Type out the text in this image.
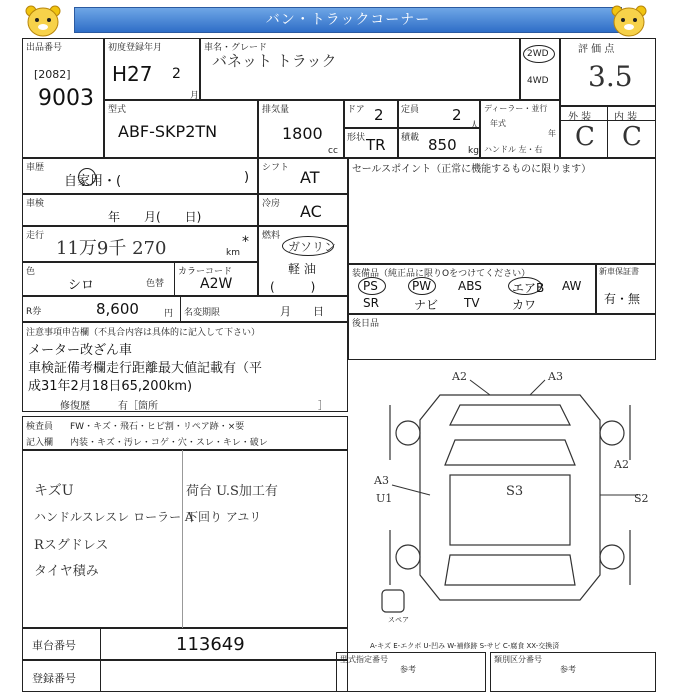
バン・トラックコーナー
出品番号
[2082]
9003
初度登録年月
H27 2
月
車名・グレード
バネット トラック	2WD
4WD
評 価 点
3.5
外 装 内 装
C C
型式
ABF-SKP2TN
排気量
1800
cc
ドア 2 定員 2
人
ディーラー・並行
年式
年
ハンドル 左・右
形状 TR 積載 850 kg
車歴
自家用・(	)
シフト AT
車検
年　　月(　　日)
冷房 AC
走行
11万9千 270	km
* 燃料
ガソリン
軽 油
(　　　)
色
シロ	色替
カラーコード
A2W
R券	8,600	円 名変期限	月　　日
セールスポイント（正常に機能するものに限ります）
装備品（純正品に限りOをつけてください）
PS	PW ABS	エアB AW
SR	ナビ TV	カワ
新車保証書
有・無
後日品
注意事項申告欄（不具合内容は具体的に記入して下さい）
メーター改ざん車
車検証備考欄走行距離最大値記載有（平
成31年2月18日65,200km)
修復歴	有［箇所	］
検査員 FW・キズ・飛石・ヒビ割・リペア跡・×要
記入欄 内装・キズ・汚レ・コゲ・穴・スレ・キレ・破レ
キズU
ハンドルスレスレ ローラー A
Rスグドレス
タイヤ積み
荷台 U.S加工有
下回り アユリ
A2	A3
A3
U1	S3
A2
S2
スペア
A-キズ E-エクボ U-凹み W-補修跡 S-サビ C-腐食 XX-交換済
車台番号	113649
登録番号
型式指定番号
参考
類別区分番号
参考
